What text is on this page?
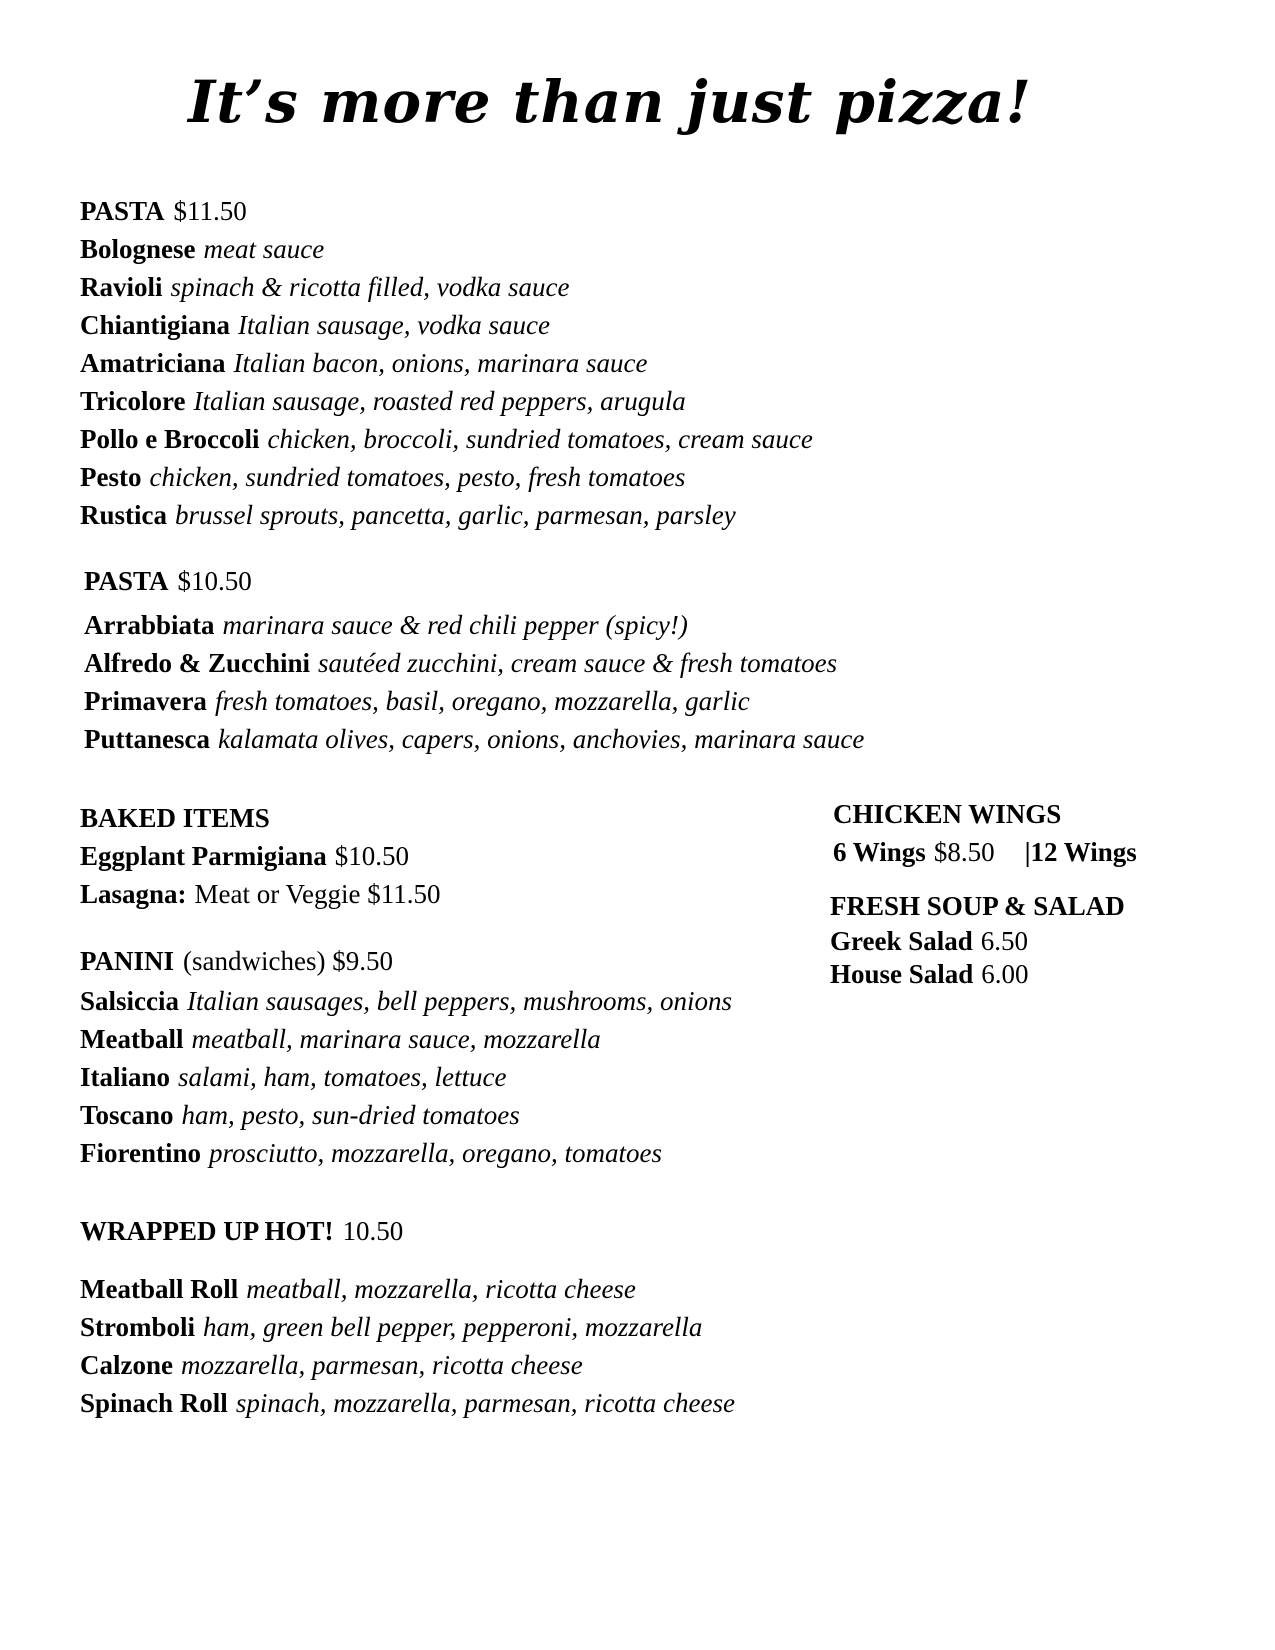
It’s more than just pizza!
PASTA $11.50
Bolognese meat sauce
Ravioli spinach & ricotta filled, vodka sauce
Chiantigiana Italian sausage, vodka sauce
Amatriciana Italian bacon, onions, marinara sauce
Tricolore Italian sausage, roasted red peppers, arugula
Pollo e Broccoli chicken, broccoli, sundried tomatoes, cream sauce
Pesto chicken, sundried tomatoes, pesto, fresh tomatoes
Rustica brussel sprouts, pancetta, garlic, parmesan, parsley
PASTA $10.50
Arrabbiata marinara sauce & red chili pepper (spicy!)
Alfredo & Zucchini sautéed zucchini, cream sauce & fresh tomatoes
Primavera fresh tomatoes, basil, oregano, mozzarella, garlic
Puttanesca kalamata olives, capers, onions, anchovies, marinara sauce
BAKED ITEMS
Eggplant Parmigiana $10.50
Lasagna: Meat or Veggie $11.50
PANINI (sandwiches) $9.50
Salsiccia Italian sausages, bell peppers, mushrooms, onions
Meatball meatball, marinara sauce, mozzarella
Italiano salami, ham, tomatoes, lettuce
Toscano ham, pesto, sun-dried tomatoes
Fiorentino prosciutto, mozzarella, oregano, tomatoes
WRAPPED UP HOT! 10.50
Meatball Roll meatball, mozzarella, ricotta cheese
Stromboli ham, green bell pepper, pepperoni, mozzarella
Calzone mozzarella, parmesan, ricotta cheese
Spinach Roll spinach, mozzarella, parmesan, ricotta cheese
CHICKEN WINGS
6 Wings $8.50 |12 Wings
FRESH SOUP & SALAD
Greek Salad 6.50
House Salad 6.00
